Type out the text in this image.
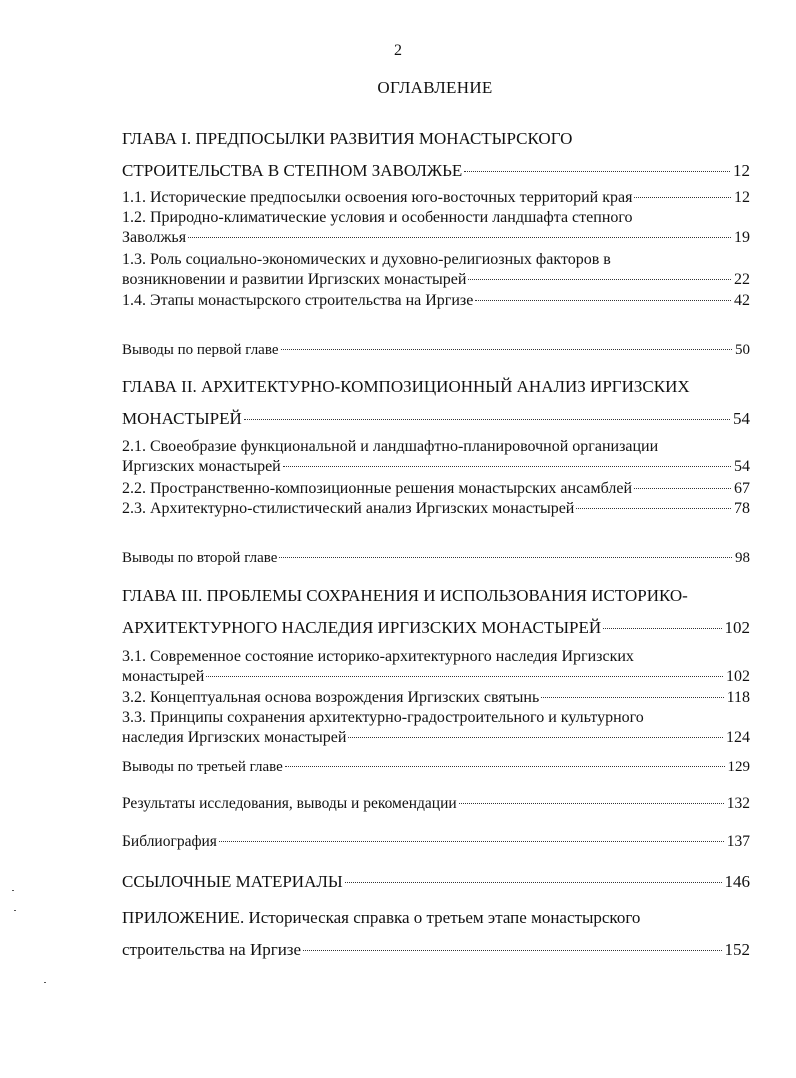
2
ОГЛАВЛЕНИЕ
ГЛАВА I. ПРЕДПОСЫЛКИ РАЗВИТИЯ МОНАСТЫРСКОГО
СТРОИТЕЛЬСТВА В СТЕПНОМ ЗАВОЛЖЬЕ	12
1.1. Исторические предпосылки освоения юго-восточных территорий края	12
1.2. Природно-климатические условия и особенности ландшафта степного
Заволжья	19
1.3. Роль социально-экономических и духовно-религиозных факторов в
возникновении и развитии Иргизских монастырей	22
1.4. Этапы монастырского строительства на Иргизе	42
Выводы по первой главе	50
ГЛАВА II. АРХИТЕКТУРНО-КОМПОЗИЦИОННЫЙ АНАЛИЗ ИРГИЗСКИХ
МОНАСТЫРЕЙ	54
2.1. Своеобразие функциональной и ландшафтно-планировочной организации
Иргизских монастырей	54
2.2. Пространственно-композиционные решения монастырских ансамблей	67
2.3. Архитектурно-стилистический анализ Иргизских монастырей	78
Выводы по второй главе	98
ГЛАВА III. ПРОБЛЕМЫ СОХРАНЕНИЯ И ИСПОЛЬЗОВАНИЯ ИСТОРИКО-
АРХИТЕКТУРНОГО НАСЛЕДИЯ ИРГИЗСКИХ МОНАСТЫРЕЙ	102
3.1. Современное состояние историко-архитектурного наследия Иргизских
монастырей	102
3.2. Концептуальная основа возрождения Иргизских святынь	118
3.3. Принципы сохранения архитектурно-градостроительного и культурного
наследия Иргизских монастырей	124
Выводы по третьей главе	129
Результаты исследования, выводы и рекомендации	132
Библиография	137
ССЫЛОЧНЫЕ МАТЕРИАЛЫ	146
ПРИЛОЖЕНИЕ. Историческая справка о третьем этапе монастырского
строительства на Иргизе	152
